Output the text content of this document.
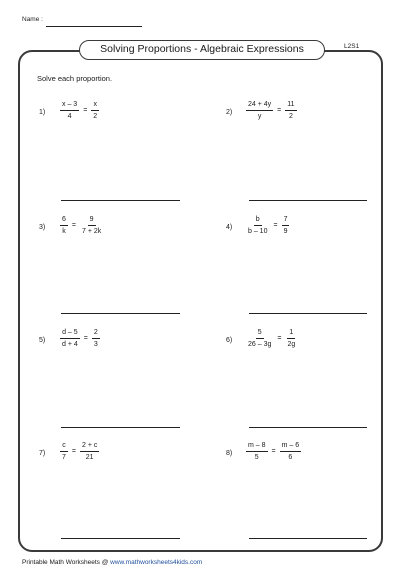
Name :
Solving Proportions - Algebraic Expressions	L2S1
Solve each proportion.
$1) \frac{x - 3}{4} = \frac{x}{2}$	$2) \frac{24 + 4y}{y} = \frac{11}{2}$
$3) \frac{6}{k} = \frac{9}{7 + 2k}$	$4) \frac{b}{b - 10} = \frac{7}{9}$
$5) \frac{d - 5}{d + 4} = \frac{2}{3}$	$6) \frac{5}{26 - 3g} = \frac{1}{2g}$
$7) \frac{c}{7} = \frac{2 + c}{21}$	$8) \frac{m - 8}{5} = \frac{m - 6}{6}$
Printable Math Worksheets @ www.mathworksheets4kids.com
